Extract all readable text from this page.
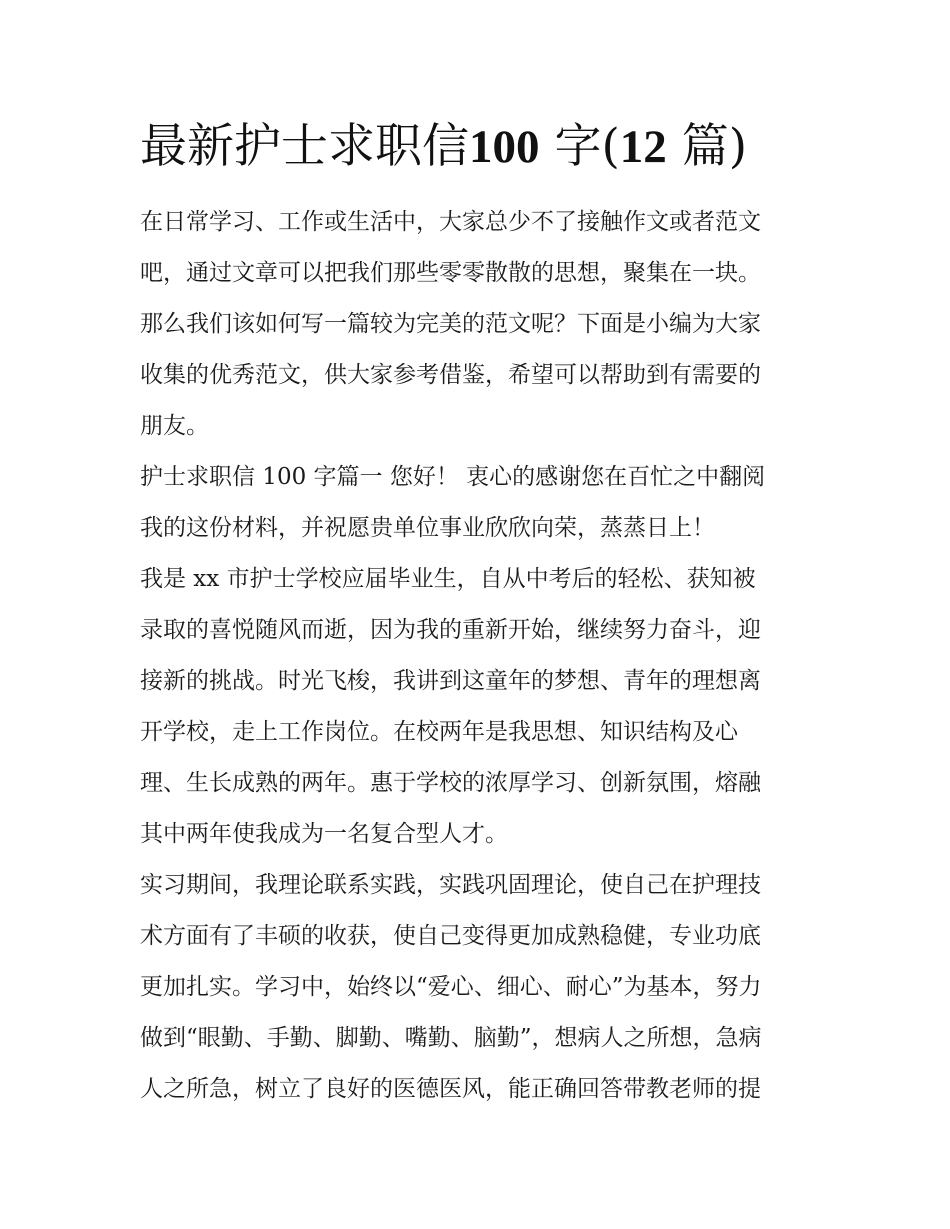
最新护士求职信100 字(12 篇)

在日常学习、工作或生活中，大家总少不了接触作文或者范文

吧，通过文章可以把我们那些零零散散的思想，聚集在一块。

那么我们该如何写一篇较为完美的范文呢？下面是小编为大家

收集的优秀范文，供大家参考借鉴，希望可以帮助到有需要的

朋友。

护士求职信 100 字篇一 您好！ 衷心的感谢您在百忙之中翻阅

我的这份材料，并祝愿贵单位事业欣欣向荣，蒸蒸日上！

我是 xx 市护士学校应届毕业生，自从中考后的轻松、获知被

录取的喜悦随风而逝，因为我的重新开始，继续努力奋斗，迎

接新的挑战。时光飞梭，我讲到这童年的梦想、青年的理想离

开学校，走上工作岗位。在校两年是我思想、知识结构及心

理、生长成熟的两年。惠于学校的浓厚学习、创新氛围，熔融

其中两年使我成为一名复合型人才。

实习期间，我理论联系实践，实践巩固理论，使自己在护理技

术方面有了丰硕的收获，使自己变得更加成熟稳健，专业功底

更加扎实。学习中，始终以“爱心、细心、耐心”为基本，努力

做到“眼勤、手勤、脚勤、嘴勤、脑勤”，想病人之所想，急病

人之所急，树立了良好的医德医风，能正确回答带教老师的提
